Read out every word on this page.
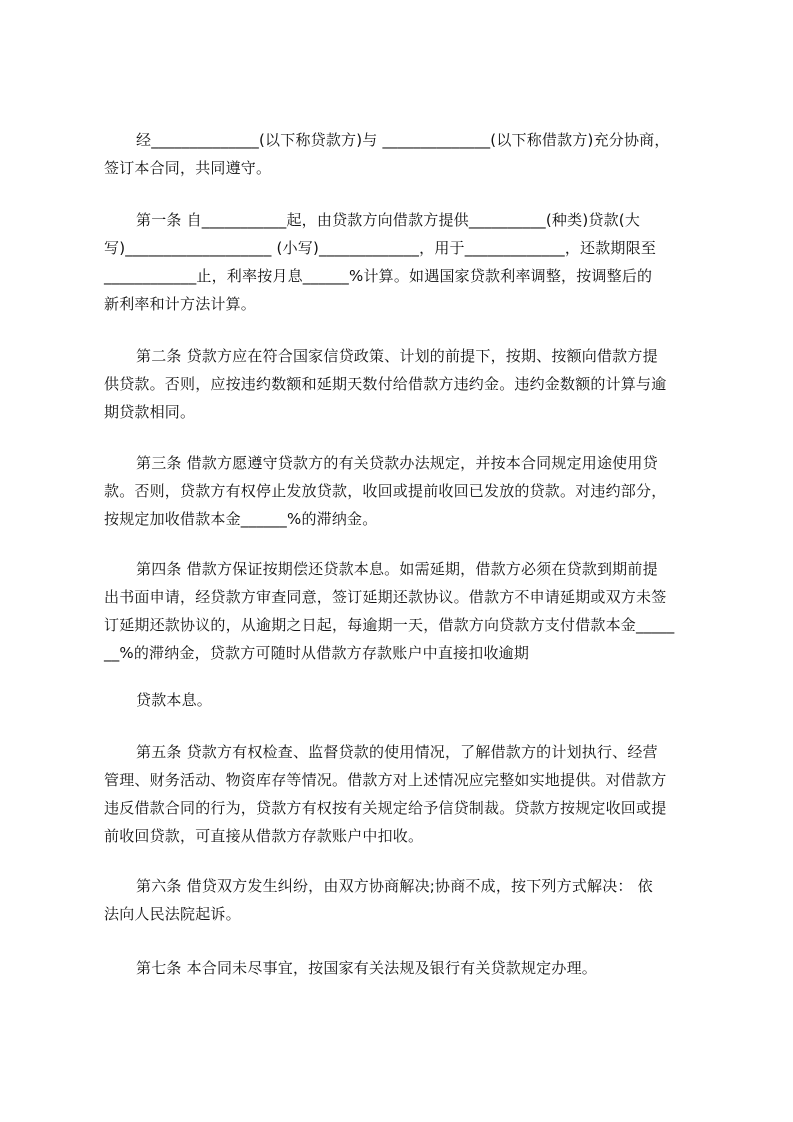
经______________(以下称贷款方)与 ______________(以下称借款方)充分协商，
签订本合同，共同遵守。

第一条 自___________起，由贷款方向借款方提供__________(种类)贷款(大
写)___________________ (小写)_____________，用于_____________，还款期限至
____________止，利率按月息______%计算。如遇国家贷款利率调整，按调整后的
新利率和计方法计算。

第二条 贷款方应在符合国家信贷政策、计划的前提下，按期、按额向借款方提
供贷款。否则，应按违约数额和延期天数付给借款方违约金。违约金数额的计算与逾
期贷款相同。

第三条 借款方愿遵守贷款方的有关贷款办法规定，并按本合同规定用途使用贷
款。否则，贷款方有权停止发放贷款，收回或提前收回已发放的贷款。对违约部分，
按规定加收借款本金______%的滞纳金。

第四条 借款方保证按期偿还贷款本息。如需延期，借款方必须在贷款到期前提
出书面申请，经贷款方审查同意，签订延期还款协议。借款方不申请延期或双方未签
订延期还款协议的，从逾期之日起，每逾期一天，借款方向贷款方支付借款本金_____
__%的滞纳金，贷款方可随时从借款方存款账户中直接扣收逾期

贷款本息。

第五条 贷款方有权检查、监督贷款的使用情况，了解借款方的计划执行、经营
管理、财务活动、物资库存等情况。借款方对上述情况应完整如实地提供。对借款方
违反借款合同的行为，贷款方有权按有关规定给予信贷制裁。贷款方按规定收回或提
前收回贷款，可直接从借款方存款账户中扣收。

第六条 借贷双方发生纠纷，由双方协商解决;协商不成，按下列方式解决： 依
法向人民法院起诉。

第七条 本合同未尽事宜，按国家有关法规及银行有关贷款规定办理。
